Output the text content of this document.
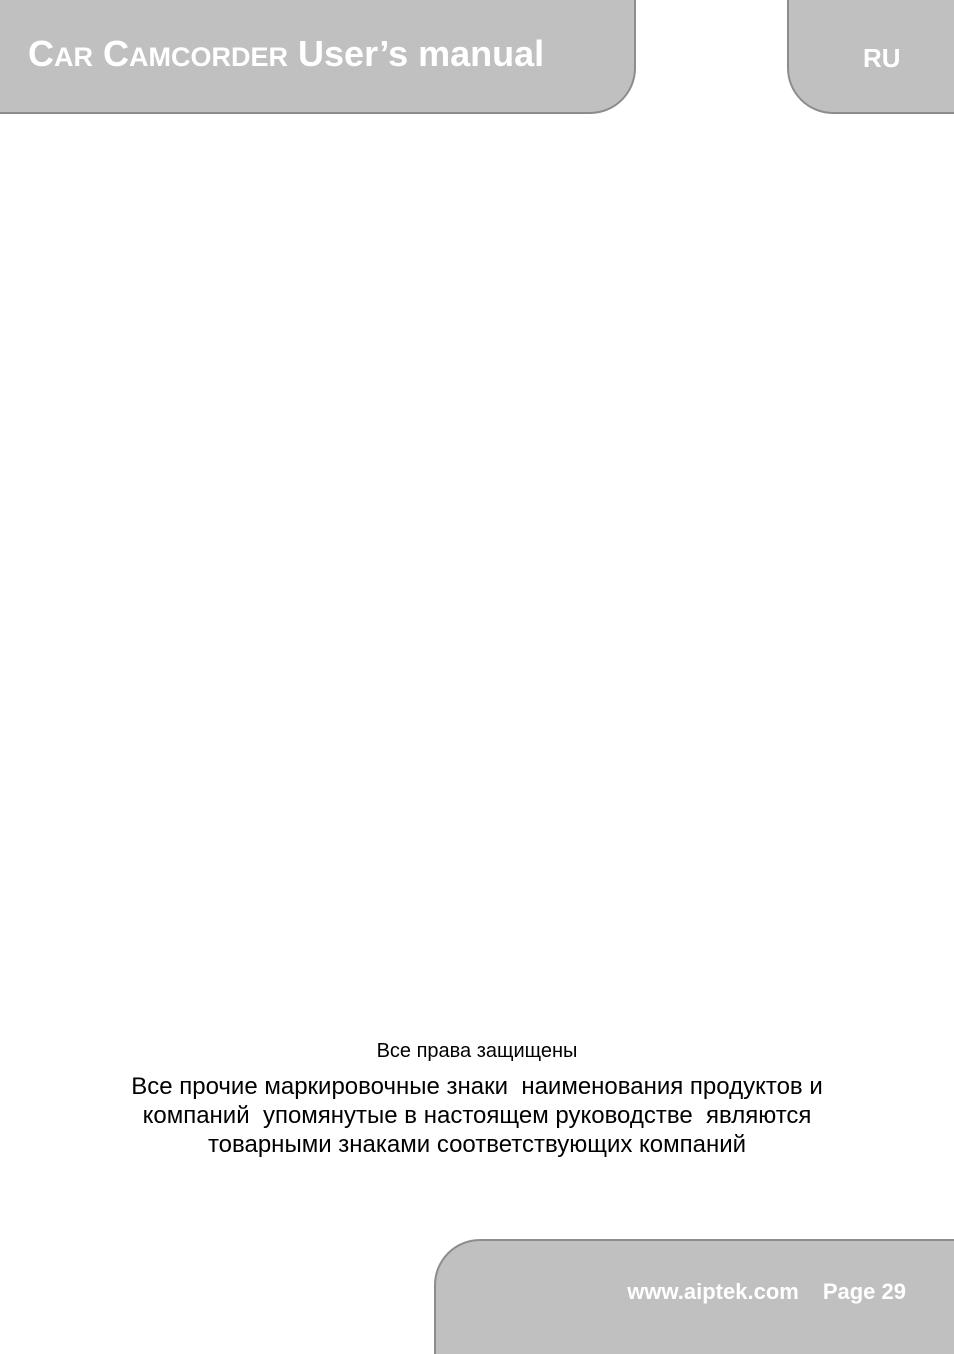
CAR CAMCORDER User’s manual	RU
Все права защищены
Все прочие маркировочные знаки  наименования продуктов и
компаний  упомянутые в настоящем руководстве  являются
товарными знаками соответствующих компаний
www.aiptek.com Page 29
